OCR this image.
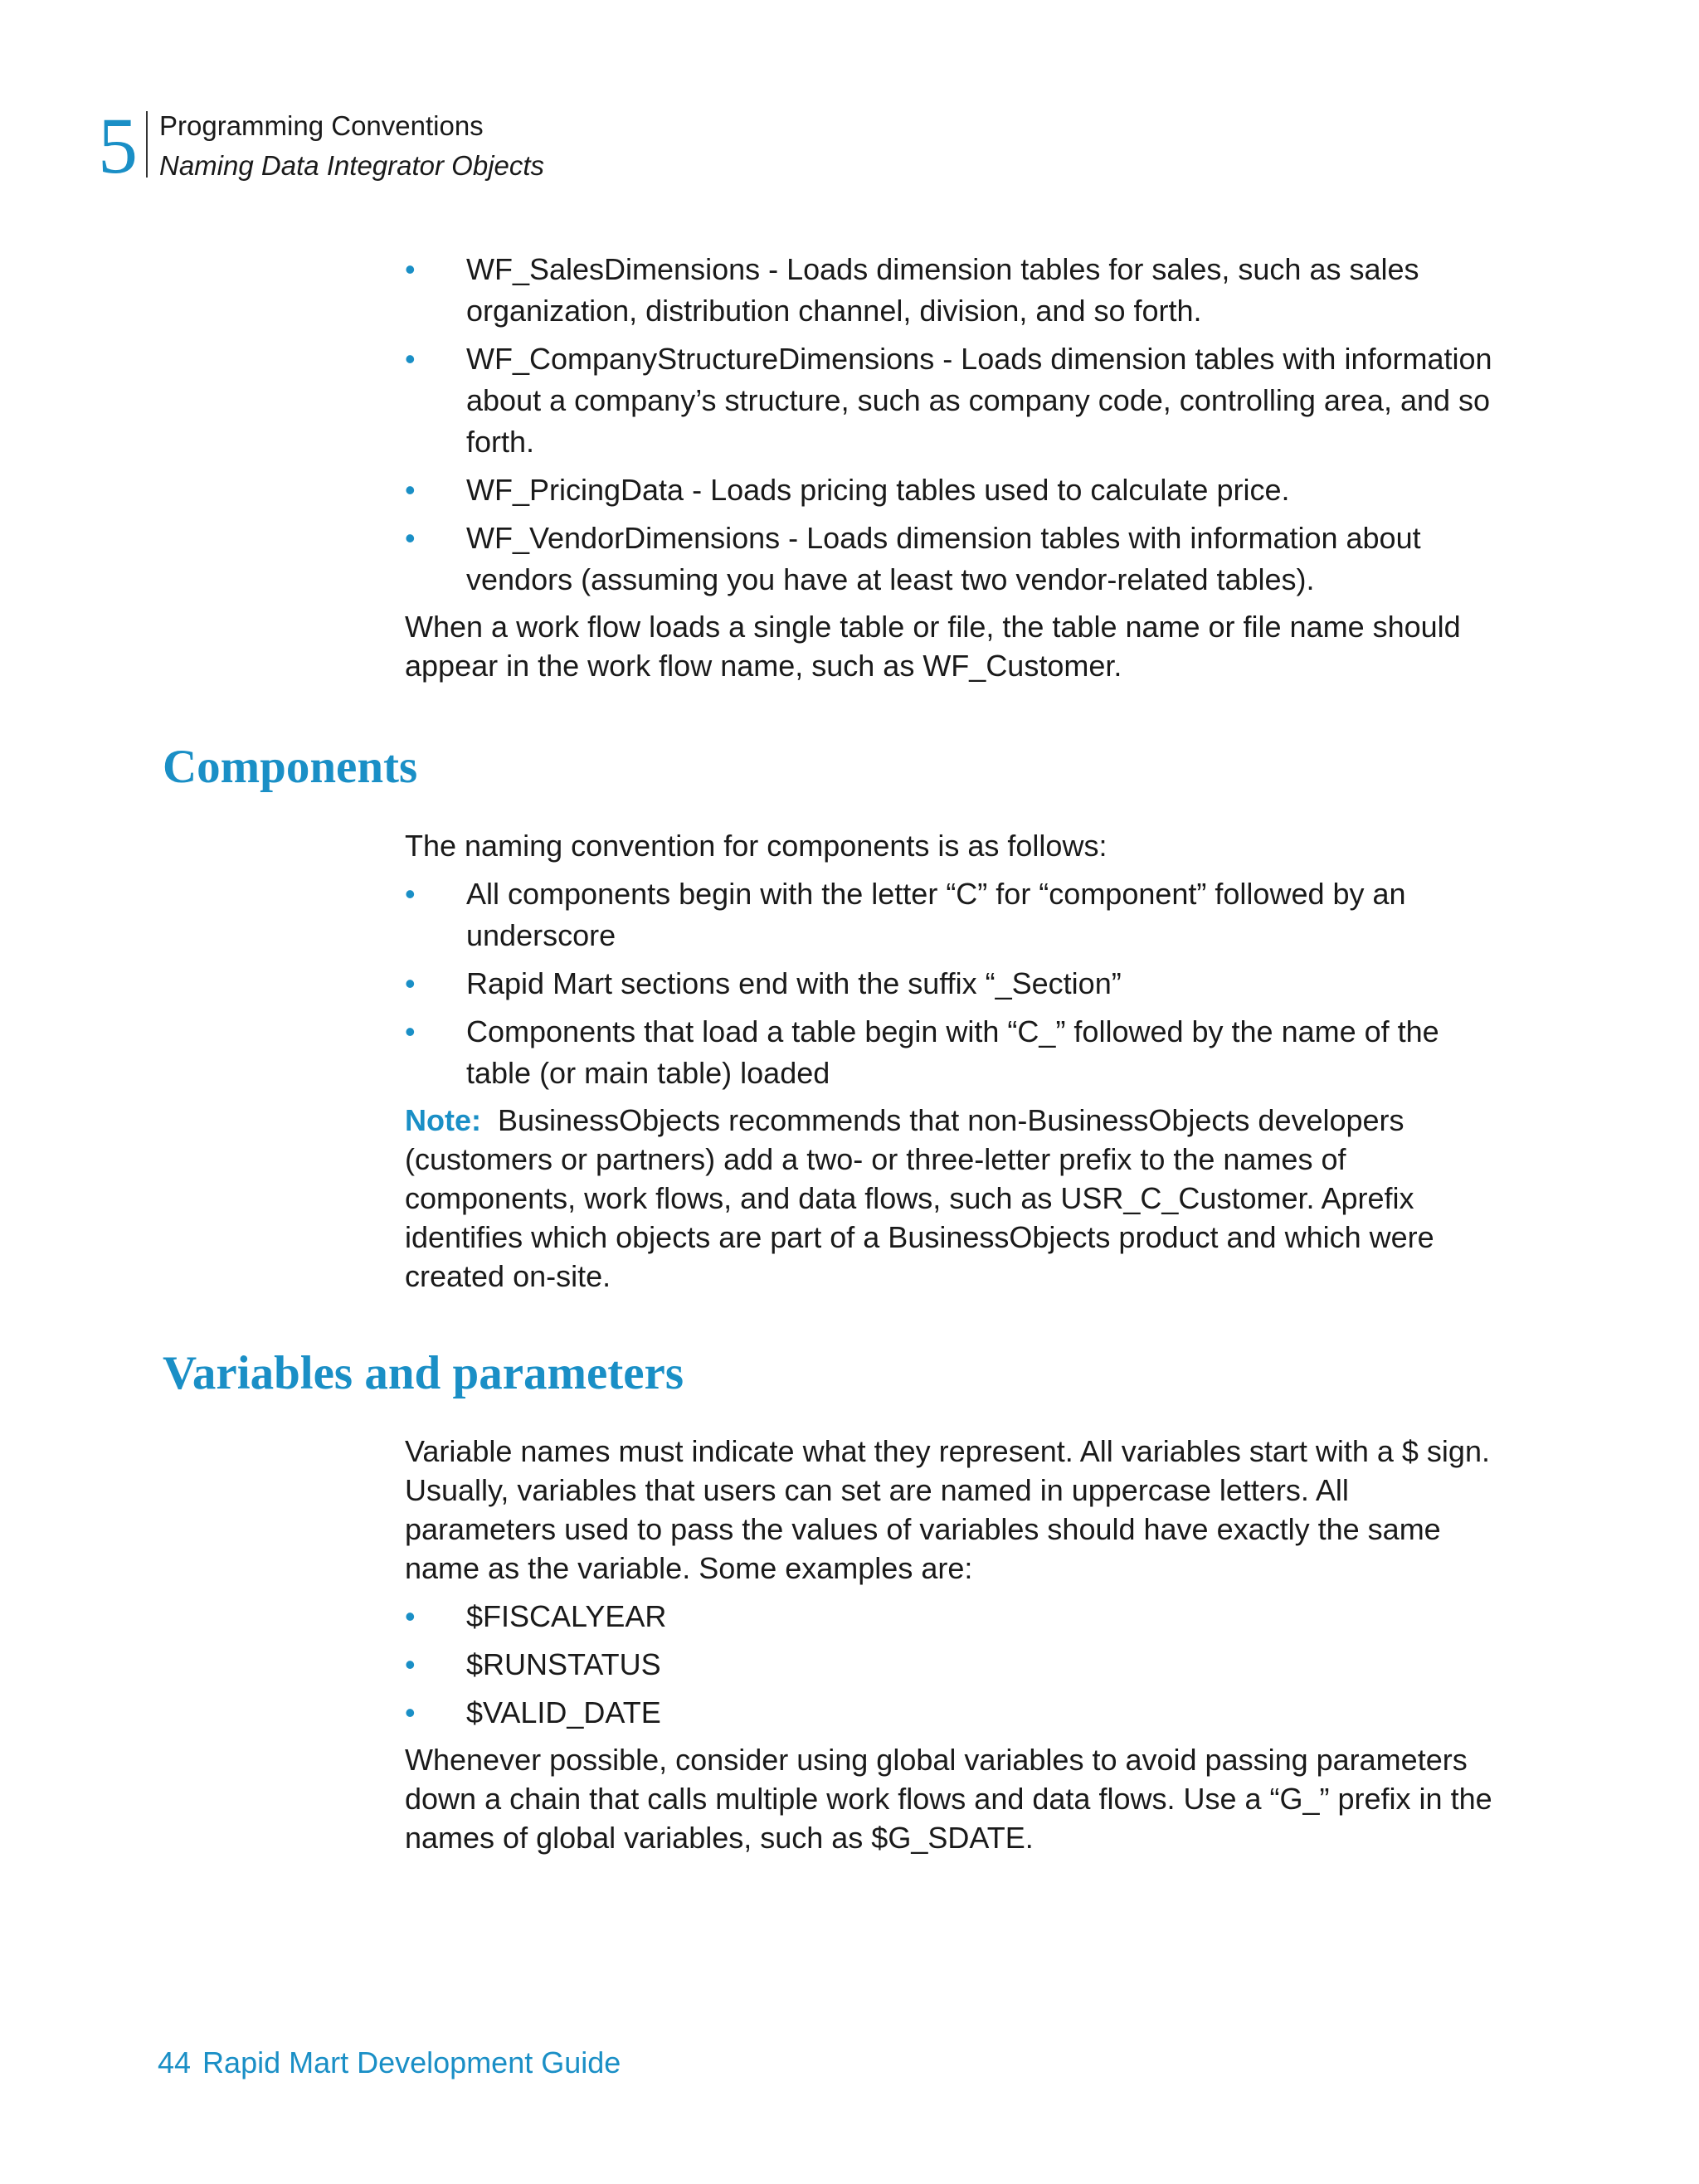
5 Programming Conventions
Naming Data Integrator Objects
• WF_SalesDimensions - Loads dimension tables for sales, such as sales organization, distribution channel, division, and so forth.
• WF_CompanyStructureDimensions - Loads dimension tables with information about a company’s structure, such as company code, controlling area, and so forth.
• WF_PricingData - Loads pricing tables used to calculate price.
• WF_VendorDimensions - Loads dimension tables with information about vendors (assuming you have at least two vendor-related tables).

When a work flow loads a single table or file, the table name or file name should appear in the work flow name, such as WF_Customer.

Components

The naming convention for components is as follows:

• All components begin with the letter “C” for “component” followed by an underscore
• Rapid Mart sections end with the suffix “_Section”
• Components that load a table begin with “C_” followed by the name of the table (or main table) loaded

Note: BusinessObjects recommends that non-BusinessObjects developers (customers or partners) add a two- or three-letter prefix to the names of components, work flows, and data flows, such as USR_C_Customer. Aprefix identifies which objects are part of a BusinessObjects product and which were created on-site.

Variables and parameters

Variable names must indicate what they represent. All variables start with a $ sign. Usually, variables that users can set are named in uppercase letters. All parameters used to pass the values of variables should have exactly the same name as the variable. Some examples are:

• $FISCALYEAR
• $RUNSTATUS
• $VALID_DATE

Whenever possible, consider using global variables to avoid passing parameters down a chain that calls multiple work flows and data flows. Use a “G_” prefix in the names of global variables, such as $G_SDATE.

44 Rapid Mart Development Guide
